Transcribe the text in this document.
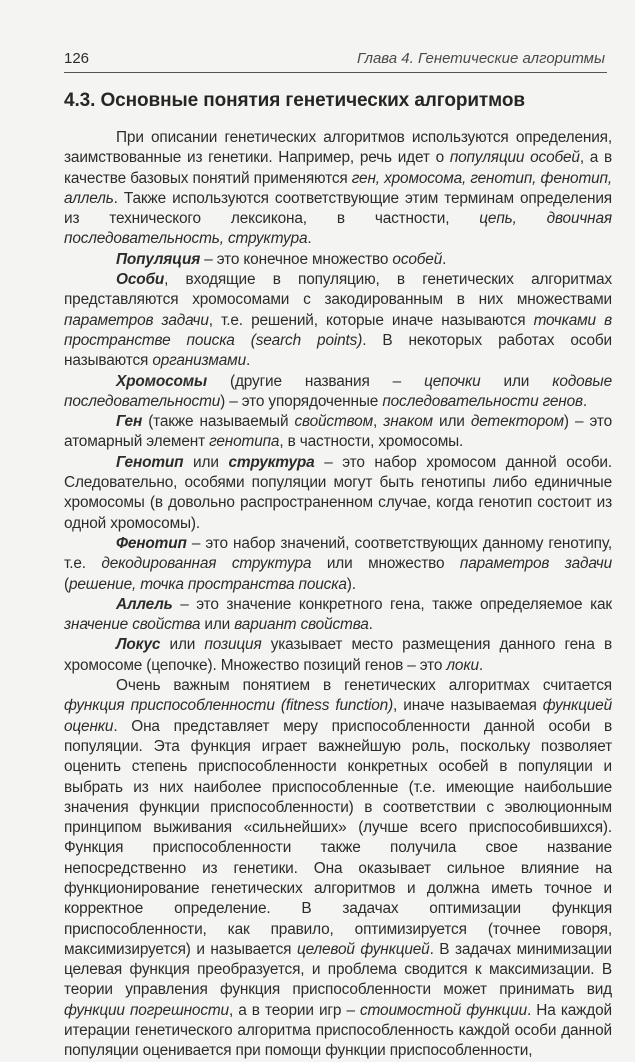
126	Глава 4. Генетические алгоритмы
4.3. Основные понятия генетических алгоритмов

При описании генетических алгоритмов используются определения, заимствованные из генетики. Например, речь идет о популяции особей, а в качестве базовых понятий применяются ген, хромосома, генотип, фенотип, аллель. Также используются соответствующие этим терминам определения из технического лексикона, в частности, цепь, двоичная последовательность, структура.

Популяция – это конечное множество особей.

Особи, входящие в популяцию, в генетических алгоритмах представляются хромосомами с закодированным в них множествами параметров задачи, т.е. решений, которые иначе называются точками в пространстве поиска (search points). В некоторых работах особи называются организмами.

Хромосомы (другие названия – цепочки или кодовые последовательности) – это упорядоченные последовательности генов.

Ген (также называемый свойством, знаком или детектором) – это атомарный элемент генотипа, в частности, хромосомы.

Генотип или структура – это набор хромосом данной особи. Следовательно, особями популяции могут быть генотипы либо единичные хромосомы (в довольно распространенном случае, когда генотип состоит из одной хромосомы).

Фенотип – это набор значений, соответствующих данному генотипу, т.е. декодированная структура или множество параметров задачи (решение, точка пространства поиска).

Аллель – это значение конкретного гена, также определяемое как значение свойства или вариант свойства.

Локус или позиция указывает место размещения данного гена в хромосоме (цепочке). Множество позиций генов – это локи.

Очень важным понятием в генетических алгоритмах считается функция приспособленности (fitness function), иначе называемая функцией оценки. Она представляет меру приспособленности данной особи в популяции. Эта функция играет важнейшую роль, поскольку позволяет оценить степень приспособленности конкретных особей в популяции и выбрать из них наиболее приспособленные (т.е. имеющие наибольшие значения функции приспособленности) в соответствии с эволюционным принципом выживания «сильнейших» (лучше всего приспособившихся). Функция приспособленности также получила свое название непосредственно из генетики. Она оказывает сильное влияние на функционирование генетических алгоритмов и должна иметь точное и корректное определение. В задачах оптимизации функция приспособленности, как правило, оптимизируется (точнее говоря, максимизируется) и называется целевой функцией. В задачах минимизации целевая функция преобразуется, и проблема сводится к максимизации. В теории управления функция приспособленности может принимать вид функции погрешности, а в теории игр – стоимостной функции. На каждой итерации генетического алгоритма приспособленность каждой особи данной популяции оценивается при помощи функции приспособленности,
